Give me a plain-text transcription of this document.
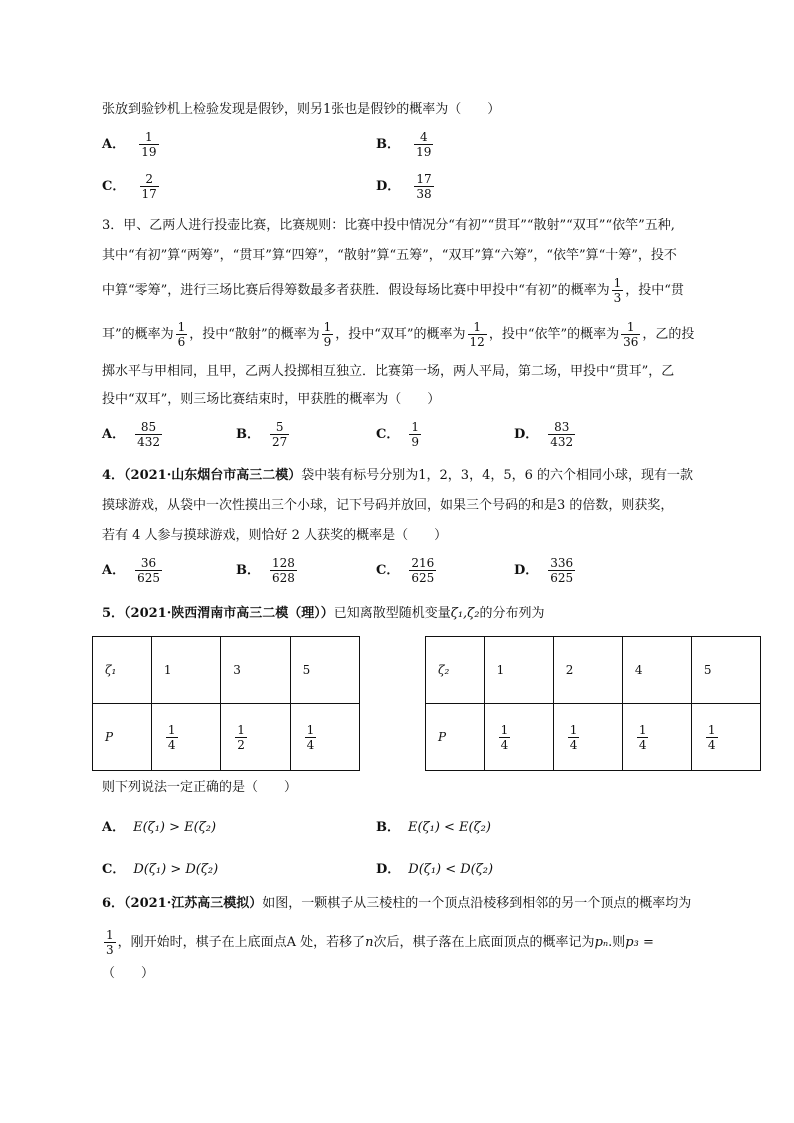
张放到验钞机上检验发现是假钞，则另1张也是假钞的概率为（　　）
A． $\frac{1}{19}$	B． $\frac{4}{19}$
C． $\frac{2}{17}$	D． $\frac{17}{38}$
3．甲、乙两人进行投壶比赛，比赛规则：比赛中投中情况分“有初”“贯耳”“散射”“双耳”“依竿”五种,
其中“有初”算“两筹”，“贯耳”算“四筹”，“散射”算“五筹”，“双耳”算“六筹”，“依竿”算“十筹”，投不
中算“零筹”，进行三场比赛后得筹数最多者获胜．假设每场比赛中甲投中“有初”的概率为 $\frac{1}{3}$ ，投中“贯
耳”的概率为 $\frac{1}{6}$ ，投中“散射”的概率为 $\frac{1}{9}$ ，投中“双耳”的概率为 $\frac{1}{12}$ ，投中“依竿”的概率为 $\frac{1}{36}$ ，乙的投
掷水平与甲相同，且甲，乙两人投掷相互独立．比赛第一场，两人平局，第二场，甲投中“贯耳”，乙
投中“双耳”，则三场比赛结束时，甲获胜的概率为（　　）
A． $\frac{85}{432}$	B． $\frac{5}{27}$	C． $\frac{1}{9}$	D． $\frac{83}{432}$
4．（2021·山东烟台市高三二模）袋中装有标号分别为1，2，3，4，5，6 的六个相同小球，现有一款
摸球游戏，从袋中一次性摸出三个小球，记下号码并放回，如果三个号码的和是3 的倍数，则获奖，
若有 4 人参与摸球游戏，则恰好 2 人获奖的概率是（　　）
A． $\frac{36}{625}$	B． $\frac{128}{628}$	C． $\frac{216}{625}$	D． $\frac{336}{625}$
5．（2021·陕西渭南市高三二模（理））已知离散型随机变量ζ₁,ζ₂的分布列为
ζ₁	1	3	5
P	$\frac{1}{4}$	$\frac{1}{2}$	$\frac{1}{4}$
ζ₂	1	2	4	5
P	$\frac{1}{4}$	$\frac{1}{4}$	$\frac{1}{4}$	$\frac{1}{4}$
则下列说法一定正确的是（　　）
A． E(ζ₁) > E(ζ₂)	B． E(ζ₁) < E(ζ₂)
C． D(ζ₁) > D(ζ₂)	D． D(ζ₁) < D(ζ₂)
6．（2021·江苏高三模拟）如图，一颗棋子从三棱柱的一个顶点沿棱移到相邻的另一个顶点的概率均为
$\frac{1}{3}$ ，刚开始时，棋子在上底面点A 处，若移了n次后，棋子落在上底面顶点的概率记为pₙ.则p₃ =
（　　）
